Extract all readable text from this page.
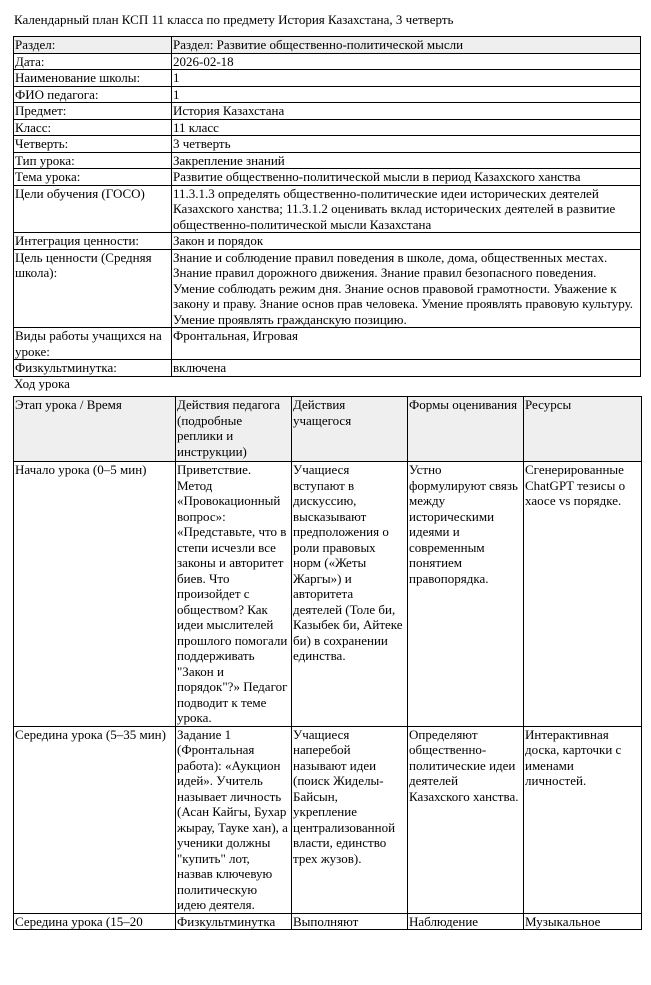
Календарный план КСП 11 класса по предмету История Казахстана, 3 четверть
Раздел:	Раздел: Развитие общественно-политической мысли
Дата:	2026-02-18
Наименование школы:	1
ФИО педагога:	1
Предмет:	История Казахстана
Класс:	11 класс
Четверть:	3 четверть
Тип урока:	Закрепление знаний
Тема урока:	Развитие общественно-политической мысли в период Казахского ханства
Цели обучения (ГОСО)	11.3.1.3 определять общественно-политические идеи исторических деятелей Казахского ханства; 11.3.1.2 оценивать вклад исторических деятелей в развитие общественно-политической мысли Казахстана
Интеграция ценности:	Закон и порядок
Цель ценности (Средняя школа):	Знание и соблюдение правил поведения в школе, дома, общественных местах. Знание правил дорожного движения. Знание правил безопасного поведения. Умение соблюдать режим дня. Знание основ правовой грамотности. Уважение к закону и праву. Знание основ прав человека. Умение проявлять правовую культуру. Умение проявлять гражданскую позицию.
Виды работы учащихся на уроке:	Фронтальная, Игровая
Физкультминутка:	включена
Ход урока
Этап урока / Время	Действия педагога (подробные реплики и инструкции)	Действия учащегося	Формы оценивания	Ресурсы
Начало урока (0–5 мин)	Приветствие. Метод «Провокационный вопрос»: «Представьте, что в степи исчезли все законы и авторитет биев. Что произойдет с обществом? Как идеи мыслителей прошлого помогали поддерживать "Закон и порядок"?» Педагог подводит к теме урока.	Учащиеся вступают в дискуссию, высказывают предположения о роли правовых норм («Жеты Жаргы») и авторитета деятелей (Толе би, Казыбек би, Айтеке би) в сохранении единства.	Устно формулируют связь между историческими идеями и современным понятием правопорядка.	Сгенерированные ChatGPT тезисы о хаосе vs порядке.
Середина урока (5–35 мин)	Задание 1 (Фронтальная работа): «Аукцион идей». Учитель называет личность (Асан Кайгы, Бухар жырау, Тауке хан), а ученики должны "купить" лот, назвав ключевую политическую идею деятеля.	Учащиеся наперебой называют идеи (поиск Жиделы-Байсын, укрепление централизованной власти, единство трех жузов).	Определяют общественно-политические идеи деятелей Казахского ханства.	Интерактивная доска, карточки с именами личностей.
Середина урока (15–20	Физкультминутка	Выполняют	Наблюдение	Музыкальное
